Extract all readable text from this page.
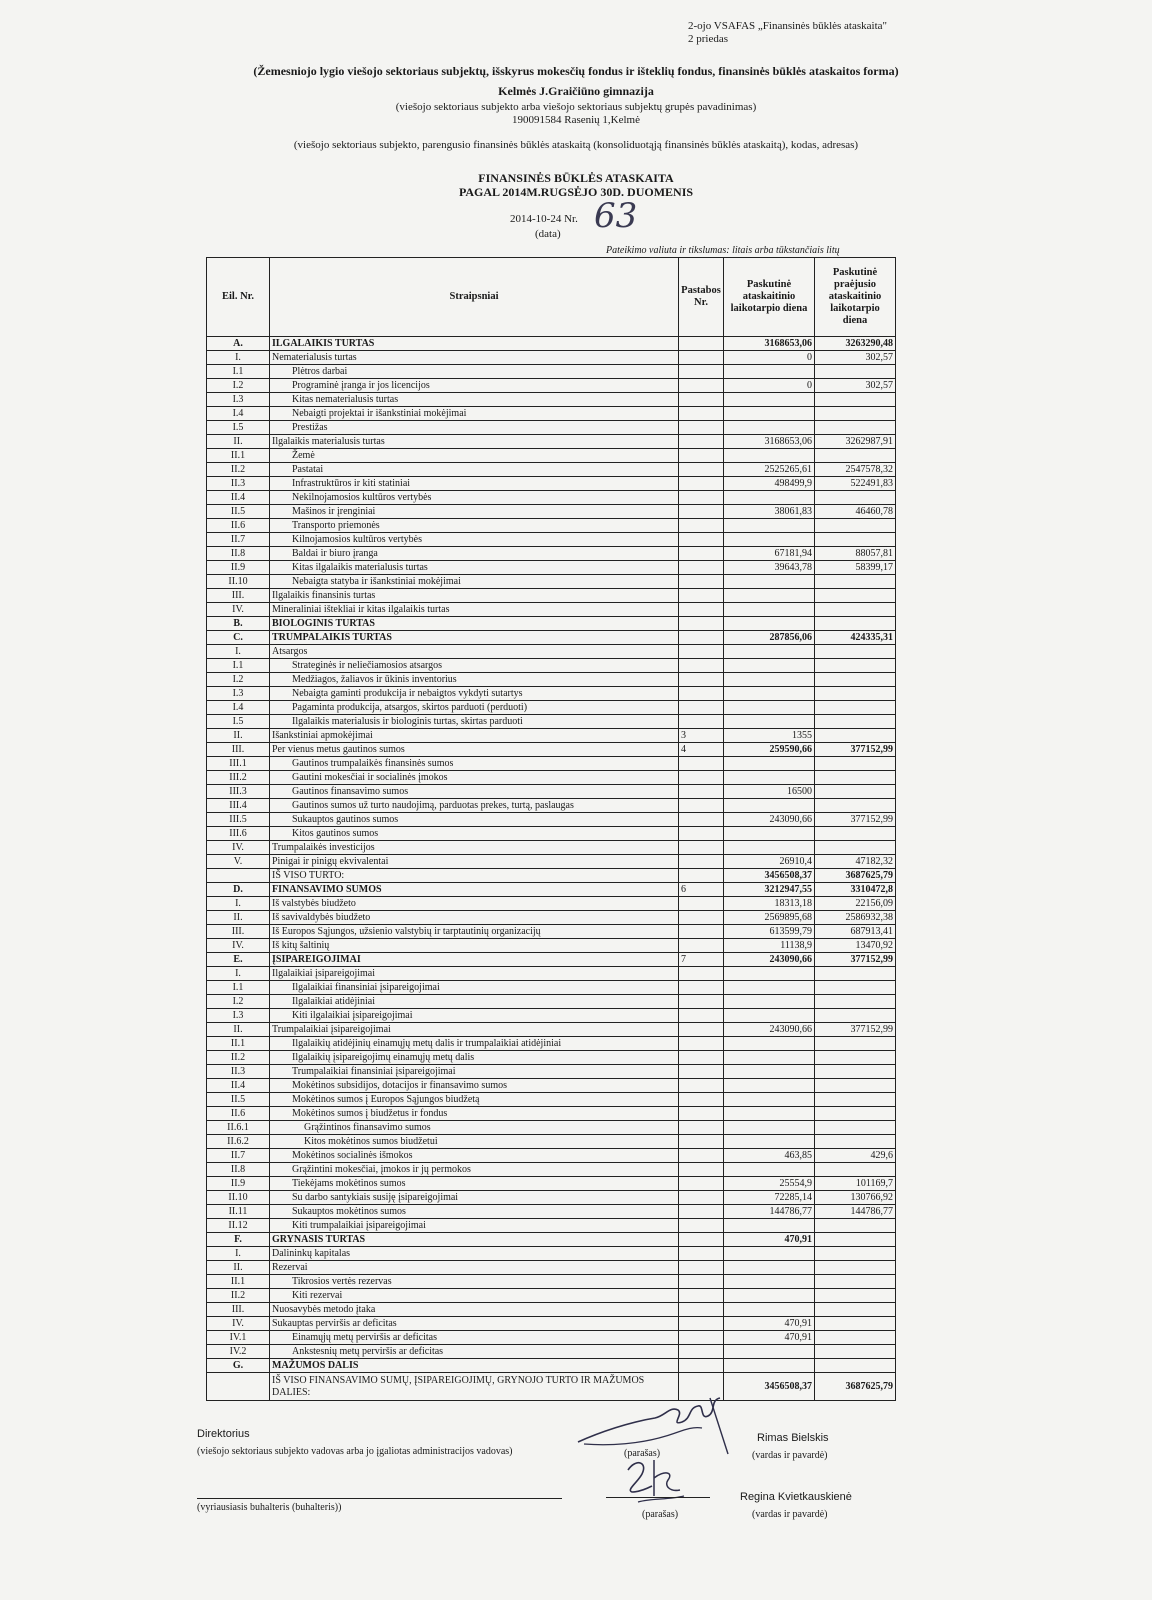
2-ojo VSAFAS „Finansinės būklės ataskaita"
2 priedas
(Žemesniojo lygio viešojo sektoriaus subjektų, išskyrus mokesčių fondus ir išteklių fondus, finansinės būklės ataskaitos forma)
Kelmės J.Graičiūno gimnazija
(viešojo sektoriaus subjekto arba viešojo sektoriaus subjektų grupės pavadinimas)
190091584 Rasenių 1,Kelmė
(viešojo sektoriaus subjekto, parengusio finansinės būklės ataskaitą (konsoliduotąją finansinės būklės ataskaitą), kodas, adresas)
FINANSINĖS BŪKLĖS ATASKAITA
PAGAL 2014M.RUGSĖJO 30D. DUOMENIS
2014-10-24 Nr. 63
(data)
Pateikimo valiuta ir tikslumas: litais arba tūkstančiais litų
Eil. Nr.	Straipsniai	Pastabos Nr.	Paskutinė ataskaitinio laikotarpio diena	Paskutinė praėjusio ataskaitinio laikotarpio diena
A.	ILGALAIKIS TURTAS		3168653,06	3263290,48
I.	Nematerialusis turtas		0	302,57
I.1	Plėtros darbai			
I.2	Programinė įranga ir jos licencijos		0	302,57
I.3	Kitas nematerialusis turtas			
I.4	Nebaigti projektai ir išankstiniai mokėjimai			
I.5	Prestižas			
II.	Ilgalaikis materialusis turtas		3168653,06	3262987,91
II.1	Žemė			
II.2	Pastatai		2525265,61	2547578,32
II.3	Infrastruktūros ir kiti statiniai		498499,9	522491,83
II.4	Nekilnojamosios kultūros vertybės			
II.5	Mašinos ir įrenginiai		38061,83	46460,78
II.6	Transporto priemonės			
II.7	Kilnojamosios kultūros vertybės			
II.8	Baldai ir biuro įranga		67181,94	88057,81
II.9	Kitas ilgalaikis materialusis turtas		39643,78	58399,17
II.10	Nebaigta statyba ir išankstiniai mokėjimai			
III.	Ilgalaikis finansinis turtas			
IV.	Mineraliniai ištekliai ir kitas ilgalaikis turtas			
B.	BIOLOGINIS TURTAS			
C.	TRUMPALAIKIS TURTAS		287856,06	424335,31
I.	Atsargos			
I.1	Strateginės ir neliečiamosios atsargos			
I.2	Medžiagos, žaliavos ir ūkinis inventorius			
I.3	Nebaigta gaminti produkcija ir nebaigtos vykdyti sutartys			
I.4	Pagaminta produkcija, atsargos, skirtos parduoti (perduoti)			
I.5	Ilgalaikis materialusis ir biologinis turtas, skirtas parduoti			
II.	Išankstiniai apmokėjimai	3	1355	
III.	Per vienus metus gautinos sumos	4	259590,66	377152,99
III.1	Gautinos trumpalaikės finansinės sumos			
III.2	Gautini mokesčiai ir socialinės įmokos			
III.3	Gautinos finansavimo sumos		16500	
III.4	Gautinos sumos už turto naudojimą, parduotas prekes, turtą, paslaugas			
III.5	Sukauptos gautinos sumos		243090,66	377152,99
III.6	Kitos gautinos sumos			
IV.	Trumpalaikės investicijos			
V.	Pinigai ir pinigų ekvivalentai		26910,4	47182,32
	IŠ VISO TURTO:		3456508,37	3687625,79
D.	FINANSAVIMO SUMOS	6	3212947,55	3310472,8
I.	Iš valstybės biudžeto		18313,18	22156,09
II.	Iš savivaldybės biudžeto		2569895,68	2586932,38
III.	Iš Europos Sąjungos, užsienio valstybių ir tarptautinių organizacijų		613599,79	687913,41
IV.	Iš kitų šaltinių		11138,9	13470,92
E.	ĮSIPAREIGOJIMAI	7	243090,66	377152,99
I.	Ilgalaikiai įsipareigojimai			
I.1	Ilgalaikiai finansiniai įsipareigojimai			
I.2	Ilgalaikiai atidėjiniai			
I.3	Kiti ilgalaikiai įsipareigojimai			
II.	Trumpalaikiai įsipareigojimai		243090,66	377152,99
II.1	Ilgalaikių atidėjinių einamųjų metų dalis ir trumpalaikiai atidėjiniai			
II.2	Ilgalaikių įsipareigojimų einamųjų metų dalis			
II.3	Trumpalaikiai finansiniai įsipareigojimai			
II.4	Mokėtinos subsidijos, dotacijos ir finansavimo sumos			
II.5	Mokėtinos sumos į Europos Sąjungos biudžetą			
II.6	Mokėtinos sumos į biudžetus ir fondus			
II.6.1	Grąžintinos finansavimo sumos			
II.6.2	Kitos mokėtinos sumos biudžetui			
II.7	Mokėtinos socialinės išmokos		463,85	429,6
II.8	Grąžintini mokesčiai, įmokos ir jų permokos			
II.9	Tiekėjams mokėtinos sumos		25554,9	101169,7
II.10	Su darbo santykiais susiję įsipareigojimai		72285,14	130766,92
II.11	Sukauptos mokėtinos sumos		144786,77	144786,77
II.12	Kiti trumpalaikiai įsipareigojimai			
F.	GRYNASIS TURTAS		470,91	
I.	Dalininkų kapitalas			
II.	Rezervai			
II.1	Tikrosios vertės rezervas			
II.2	Kiti rezervai			
III.	Nuosavybės metodo įtaka			
IV.	Sukauptas perviršis ar deficitas		470,91	
IV.1	Einamųjų metų perviršis ar deficitas		470,91	
IV.2	Ankstesnių metų perviršis ar deficitas			
G.	MAŽUMOS DALIS			
	IŠ VISO FINANSAVIMO SUMŲ, ĮSIPAREIGOJIMŲ, GRYNOJO TURTO IR MAŽUMOS DALIES:		3456508,37	3687625,79
Direktorius
(viešojo sektoriaus subjekto vadovas arba jo įgaliotas administracijos vadovas)	(parašas)
Rimas Bielskis
(vardas ir pavardė)
(vyriausiasis buhalteris (buhalteris))
(parašas)
Regina Kvietkauskienė
(vardas ir pavardė)
